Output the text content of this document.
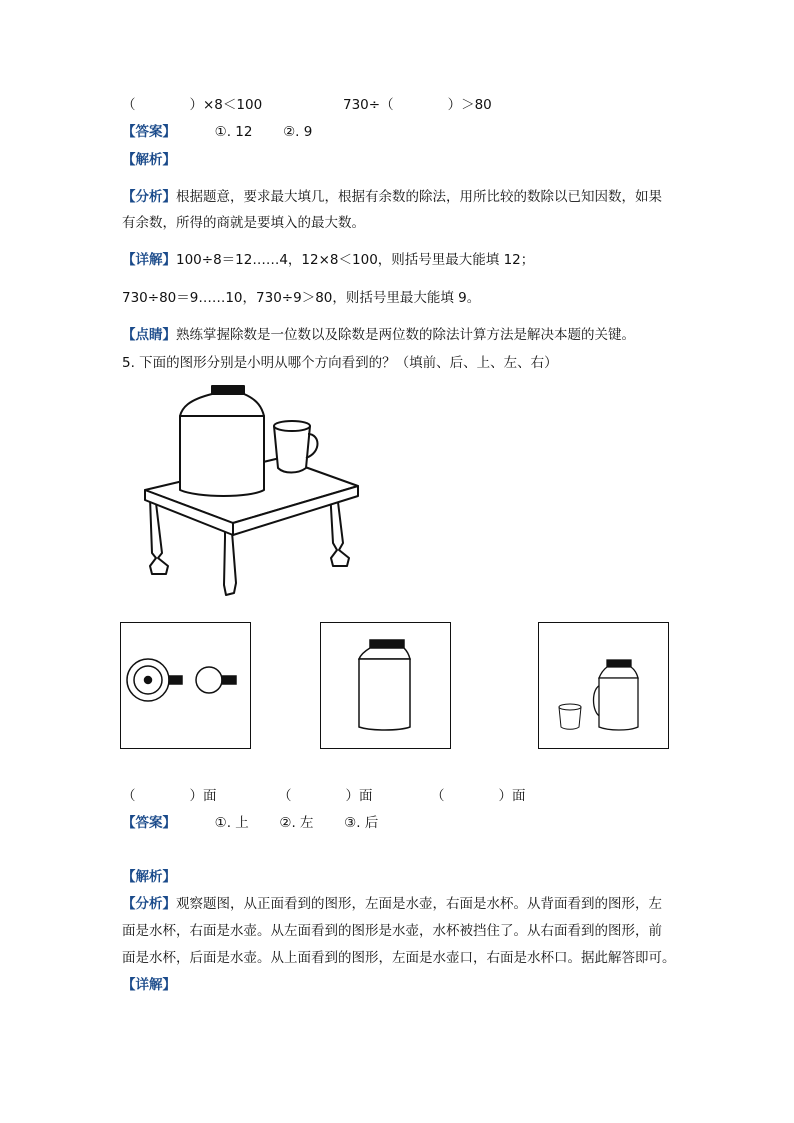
（　　　　）×8＜100	730÷（　　　　）＞80
【答案】	①. 12 ②. 9
【解析】
【分析】根据题意，要求最大填几，根据有余数的除法，用所比较的数除以已知因数，如果
有余数，所得的商就是要填入的最大数。
【详解】100÷8＝12……4，12×8＜100，则括号里最大能填 12；
730÷80＝9……10，730÷9＞80，则括号里最大能填 9。
【点睛】熟练掌握除数是一位数以及除数是两位数的除法计算方法是解决本题的关键。
5. 下面的图形分别是小明从哪个方向看到的？（填前、后、上、左、右）
（　　　　）面	（　　　　）面	（　　　　）面
【答案】	①. 上 ②. 左 ③. 后
【解析】
【分析】观察题图，从正面看到的图形，左面是水壶，右面是水杯。从背面看到的图形，左
面是水杯，右面是水壶。从左面看到的图形是水壶，水杯被挡住了。从右面看到的图形，前
面是水杯，后面是水壶。从上面看到的图形，左面是水壶口，右面是水杯口。据此解答即可。
【详解】
